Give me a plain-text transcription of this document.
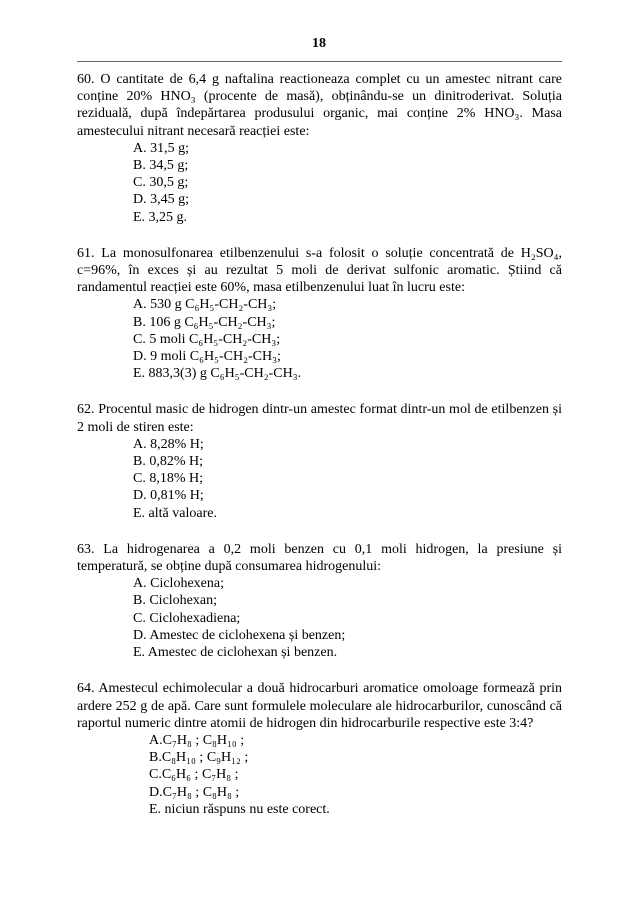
18

60. O cantitate de 6,4 g naftalina reactioneaza complet cu un amestec nitrant care conține 20% HNO₃ (procente de masă), obținându-se un dinitroderivat. Soluția reziduală, după îndepărtarea produsului organic, mai conține 2% HNO₃. Masa amestecului nitrant necesară reacției este:

A. 31,5 g;
B. 34,5 g;
C. 30,5 g;
D. 3,45 g;
E. 3,25 g.

61. La monosulfonarea etilbenzenului s-a folosit o soluție concentrată de H₂SO₄, c=96%, în exces și au rezultat 5 moli de derivat sulfonic aromatic. Știind că randamentul reacției este 60%, masa etilbenzenului luat în lucru este:

A. 530 g C₆H₅-CH₂-CH₃;
B. 106 g C₆H₅-CH₂-CH₃;
C. 5 moli C₆H₅-CH₂-CH₃;
D. 9 moli C₆H₅-CH₂-CH₃;
E. 883,3(3) g C₆H₅-CH₂-CH₃.

62. Procentul masic de hidrogen dintr-un amestec format dintr-un mol de etilbenzen și 2 moli de stiren este:

A. 8,28% H;
B. 0,82% H;
C. 8,18% H;
D. 0,81% H;
E. altă valoare.

63. La hidrogenarea a 0,2 moli benzen cu 0,1 moli hidrogen, la presiune și temperatură, se obține după consumarea hidrogenului:

A. Ciclohexena;
B. Ciclohexan;
C. Ciclohexadiena;
D. Amestec de ciclohexena și benzen;
E. Amestec de ciclohexan și benzen.

64. Amestecul echimolecular a două hidrocarburi aromatice omoloage formează prin ardere 252 g de apă. Care sunt formulele moleculare ale hidrocarburilor, cunoscând că raportul numeric dintre atomii de hidrogen din hidrocarburile respective este 3:4?

A.C₇H₈ ; C₈H₁₀ ;
B.C₈H₁₀ ; C₉H₁₂ ;
C.C₆H₆ ; C₇H₈ ;
D.C₇H₈ ; C₈H₈ ;
E. niciun răspuns nu este corect.
